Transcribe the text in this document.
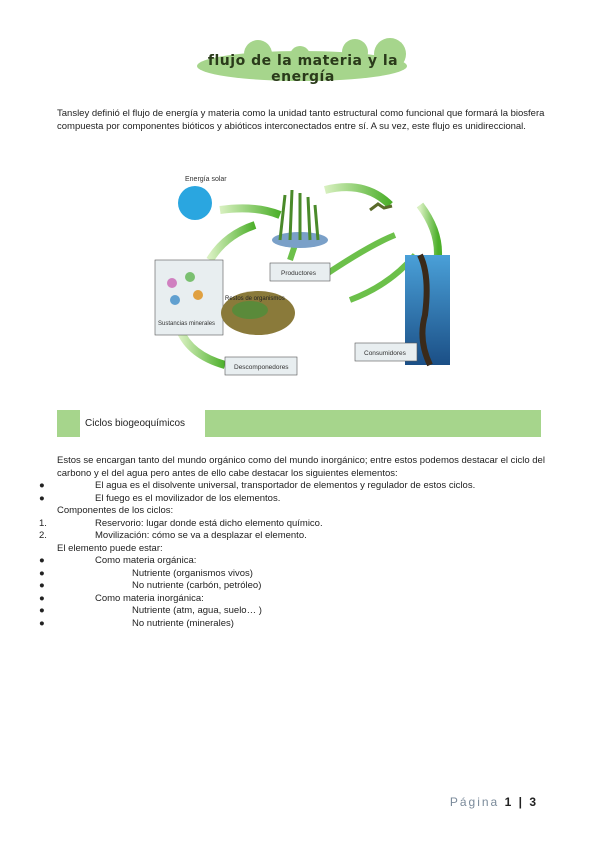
flujo de la materia y la energía
Tansley definió el flujo de energía y materia como la unidad tanto estructural como funcional que formará la biosfera compuesta por componentes bióticos y abióticos interconectados entre sí. A su vez, este flujo es unidireccional.
Energía solar
Productores
Sustancias minerales
Restos de organismos
Descomponedores
Consumidores
Ciclos biogeoquímicos

Estos se encargan tanto del mundo orgánico como del mundo inorgánico; entre estos podemos destacar el ciclo del carbono y el del agua pero antes de ello cabe destacar los siguientes elementos:

●	El agua es el disolvente universal, transportador de elementos y regulador de estos ciclos.
●	El fuego es el movilizador de los elementos.

Componentes de los ciclos:

1.	Reservorio: lugar donde está dicho elemento químico.
2.	Movilización: cómo se va a desplazar el elemento.

El elemento puede estar:

●	Como materia orgánica:
●	Nutriente (organismos vivos)
●	No nutriente (carbón, petróleo)
●	Como materia inorgánica:
●	Nutriente (atm, agua, suelo… )
●	No nutriente (minerales)
Página 1 | 3
